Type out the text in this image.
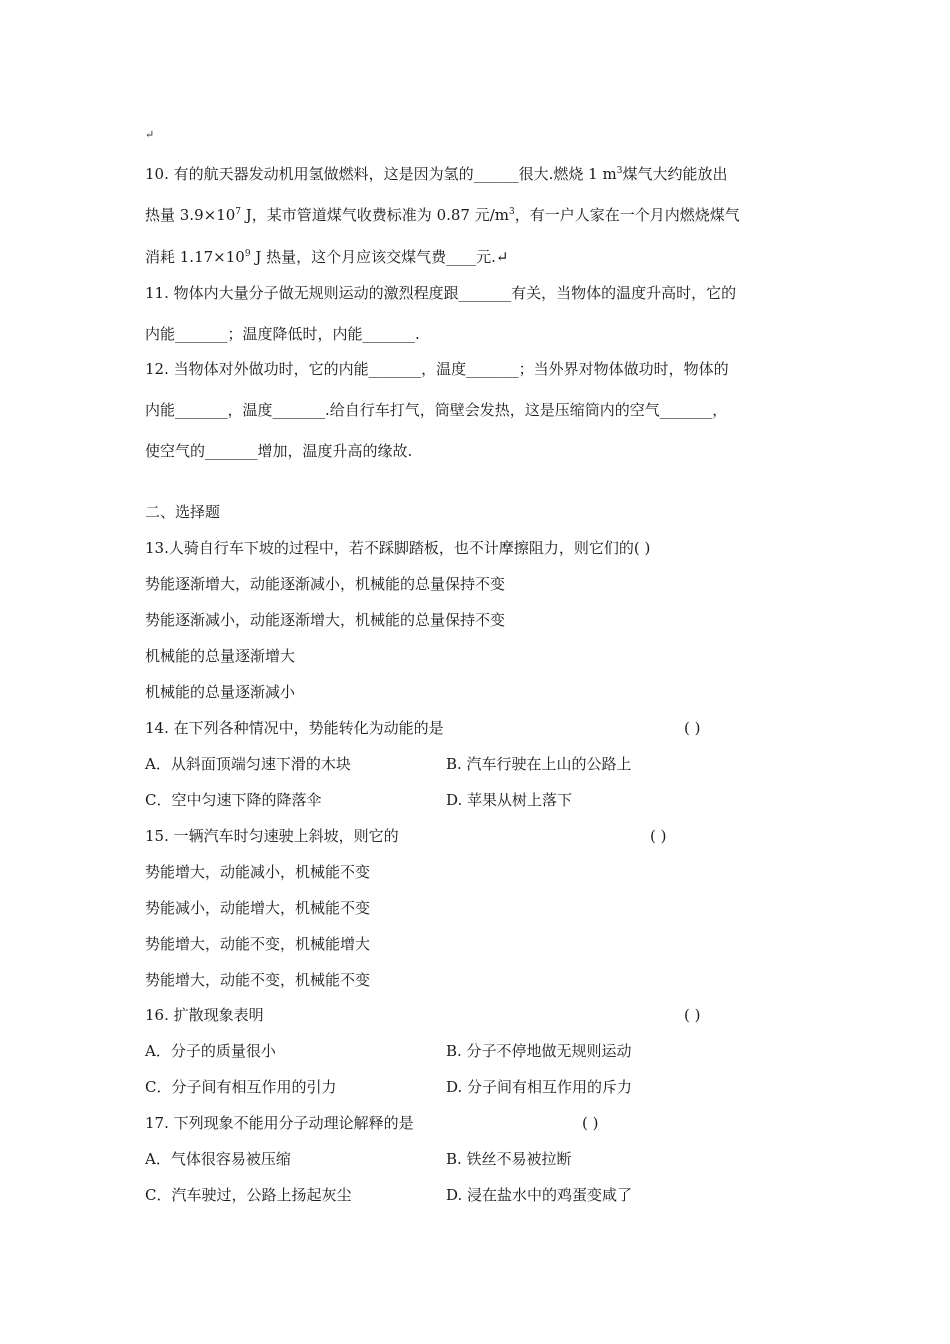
↵
10. 有的航天器发动机用氢做燃料，这是因为氢的______很大.燃烧 1 $m^3$煤气大约能放出
热量 $3.9\times 10^7$ J，某市管道煤气收费标准为 0.87 元$/m^3$，有一户人家在一个月内燃烧煤气
消耗 $1.17\times 10^9$ J 热量，这个月应该交煤气费____元.↵
11. 物体内大量分子做无规则运动的激烈程度跟_______有关，当物体的温度升高时，它的
内能_______；温度降低时，内能_______.
12. 当物体对外做功时，它的内能_______，温度_______；当外界对物体做功时，物体的
内能_______，温度_______.给自行车打气，筒壁会发热，这是压缩筒内的空气_______，
使空气的_______增加，温度升高的缘故.
二、选择题
13.人骑自行车下坡的过程中，若不踩脚踏板，也不计摩擦阻力，则它们的( )
势能逐渐增大，动能逐渐减小，机械能的总量保持不变
势能逐渐减小，动能逐渐增大，机械能的总量保持不变
机械能的总量逐渐增大
机械能的总量逐渐减小
14. 在下列各种情况中，势能转化为动能的是	( )
A．从斜面顶端匀速下滑的木块	B. 汽车行驶在上山的公路上
C．空中匀速下降的降落伞	D. 苹果从树上落下
15. 一辆汽车时匀速驶上斜坡，则它的	( )
势能增大，动能减小，机械能不变
势能减小，动能增大，机械能不变
势能增大，动能不变，机械能增大
势能增大，动能不变，机械能不变
16. 扩散现象表明	( )
A．分子的质量很小	B. 分子不停地做无规则运动
C．分子间有相互作用的引力	D. 分子间有相互作用的斥力
17. 下列现象不能用分子动理论解释的是	( )
A．气体很容易被压缩	B. 铁丝不易被拉断
C．汽车驶过，公路上扬起灰尘	D. 浸在盐水中的鸡蛋变咸了
